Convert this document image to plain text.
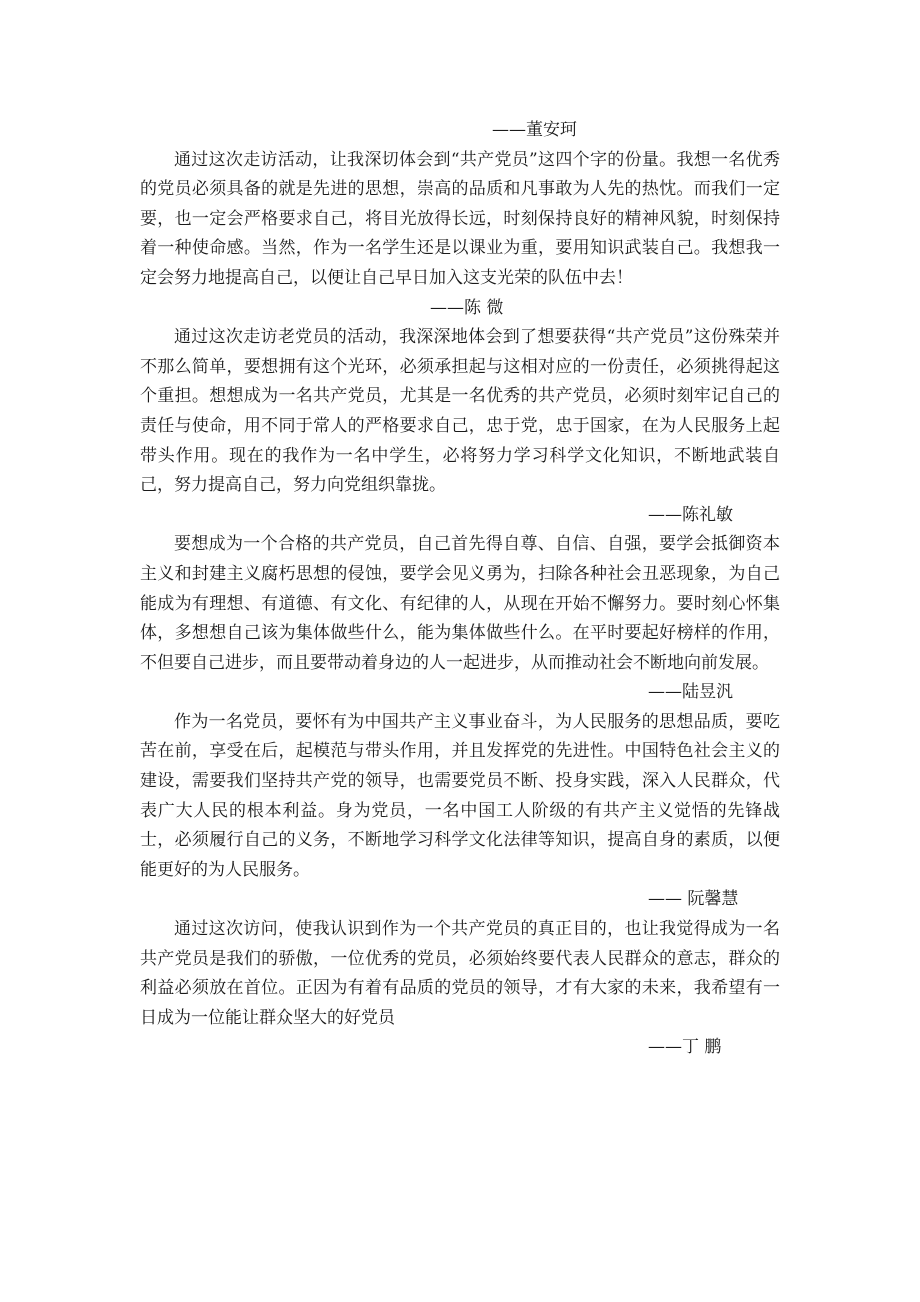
——董安珂

通过这次走访活动，让我深切体会到“共产党员”这四个字的份量。我想一名优秀的党员必须具备的就是先进的思想，崇高的品质和凡事敢为人先的热忱。而我们一定要，也一定会严格要求自己，将目光放得长远，时刻保持良好的精神风貌，时刻保持着一种使命感。当然，作为一名学生还是以课业为重，要用知识武装自己。我想我一定会努力地提高自己，以便让自己早日加入这支光荣的队伍中去！

——陈 微

通过这次走访老党员的活动，我深深地体会到了想要获得“共产党员”这份殊荣并不那么简单，要想拥有这个光环，必须承担起与这相对应的一份责任，必须挑得起这个重担。想想成为一名共产党员，尤其是一名优秀的共产党员，必须时刻牢记自己的责任与使命，用不同于常人的严格要求自己，忠于党，忠于国家，在为人民服务上起带头作用。现在的我作为一名中学生，必将努力学习科学文化知识，不断地武装自己，努力提高自己，努力向党组织靠拢。

——陈礼敏

要想成为一个合格的共产党员，自己首先得自尊、自信、自强，要学会抵御资本主义和封建主义腐朽思想的侵蚀，要学会见义勇为，扫除各种社会丑恶现象，为自己能成为有理想、有道德、有文化、有纪律的人，从现在开始不懈努力。要时刻心怀集体，多想想自己该为集体做些什么，能为集体做些什么。在平时要起好榜样的作用，不但要自己进步，而且要带动着身边的人一起进步，从而推动社会不断地向前发展。

——陆昱汎

作为一名党员，要怀有为中国共产主义事业奋斗，为人民服务的思想品质，要吃苦在前，享受在后，起模范与带头作用，并且发挥党的先进性。中国特色社会主义的建设，需要我们坚持共产党的领导，也需要党员不断、投身实践，深入人民群众，代表广大人民的根本利益。身为党员，一名中国工人阶级的有共产主义觉悟的先锋战士，必须履行自己的义务，不断地学习科学文化法律等知识，提高自身的素质，以便能更好的为人民服务。

—— 阮馨慧

通过这次访问，使我认识到作为一个共产党员的真正目的，也让我觉得成为一名共产党员是我们的骄傲，一位优秀的党员，必须始终要代表人民群众的意志，群众的利益必须放在首位。正因为有着有品质的党员的领导，才有大家的未来，我希望有一日成为一位能让群众坚大的好党员

——丁 鹏
